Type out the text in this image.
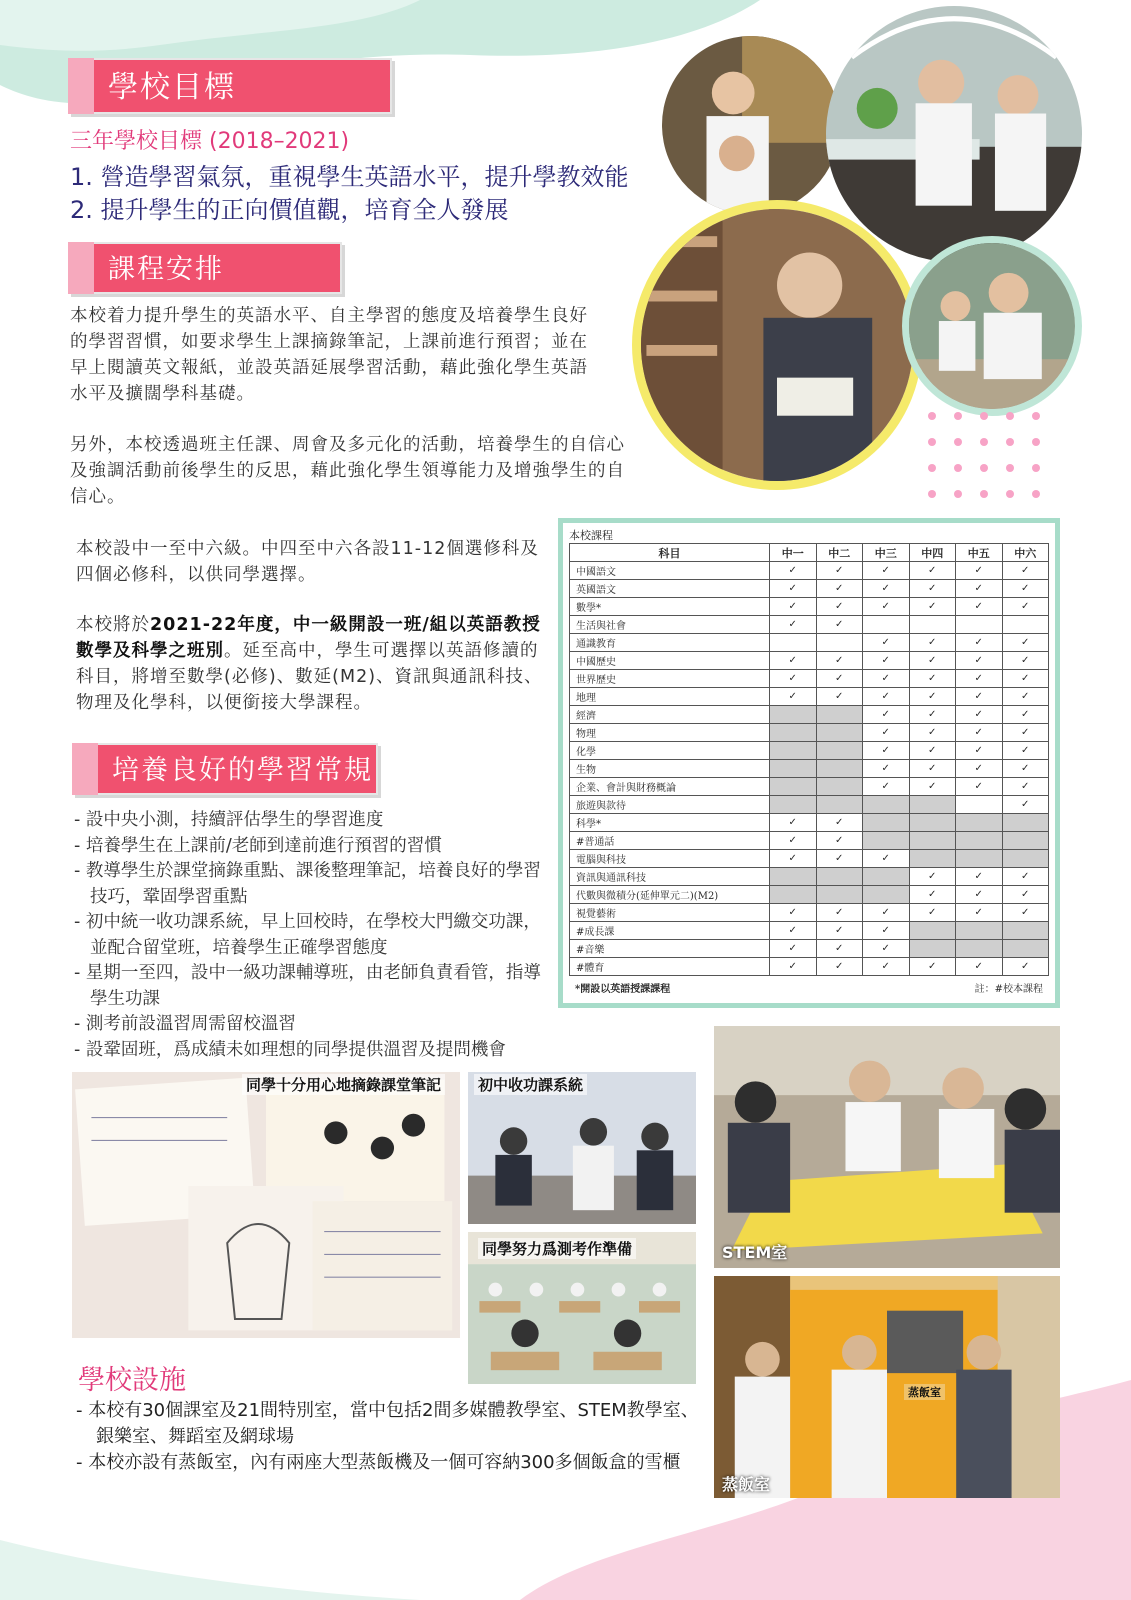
學校目標
三年學校目標 (2018–2021)
1. 營造學習氣氛，重視學生英語水平，提升學教效能
2. 提升學生的正向價值觀，培育全人發展
課程安排
本校着力提升學生的英語水平、自主學習的態度及培養學生良好的學習習慣，如要求學生上課摘錄筆記，上課前進行預習；並在早上閱讀英文報紙，並設英語延展學習活動，藉此強化學生英語水平及擴闊學科基礎。
另外，本校透過班主任課、周會及多元化的活動，培養學生的自信心及強調活動前後學生的反思，藉此強化學生領導能力及增強學生的自信心。
本校設中一至中六級。中四至中六各設11-12個選修科及四個必修科，以供同學選擇。
本校將於2021-22年度，中一級開設一班/組以英語教授數學及科學之班別。延至高中，學生可選擇以英語修讀的科目，將增至數學(必修)、數延(M2)、資訊與通訊科技、物理及化學科，以便銜接大學課程。
培養良好的學習常規
- 設中央小測，持續評估學生的學習進度
- 培養學生在上課前/老師到達前進行預習的習慣
- 教導學生於課堂摘錄重點、課後整理筆記，培養良好的學習技巧，鞏固學習重點
- 初中統一收功課系統，早上回校時，在學校大門繳交功課，並配合留堂班，培養學生正確學習態度
- 星期一至四，設中一級功課輔導班，由老師負責看管，指導學生功課
- 測考前設溫習周需留校溫習
- 設鞏固班，爲成績未如理想的同學提供溫習及提問機會
本校課程
科目	中一	中二	中三	中四	中五	中六
中國語文	✓	✓	✓	✓	✓	✓
英國語文	✓	✓	✓	✓	✓	✓
數學*	✓	✓	✓	✓	✓	✓
生活與社會	✓	✓				
通識教育			✓	✓	✓	✓
中國歷史	✓	✓	✓	✓	✓	✓
世界歷史	✓	✓	✓	✓	✓	✓
地理	✓	✓	✓	✓	✓	✓
經濟			✓	✓	✓	✓
物理			✓	✓	✓	✓
化學			✓	✓	✓	✓
生物			✓	✓	✓	✓
企業、會計與財務概論			✓	✓	✓	✓
旅遊與款待						✓
科學*	✓	✓				
#普通話	✓	✓				
電腦與科技	✓	✓	✓			
資訊與通訊科技				✓	✓	✓
代數與微積分(延伸單元二)(M2)				✓	✓	✓
視覺藝術	✓	✓	✓	✓	✓	✓
#成長課	✓	✓	✓			
#音樂	✓	✓	✓			
#體育	✓	✓	✓	✓	✓	✓
*開設以英語授課課程	註：#校本課程
同學十分用心地摘錄課堂筆記 初中收功課系統
同學努力爲測考作準備	STEM室
蒸飯室
蒸飯室
學校設施
- 本校有30個課室及21間特別室，當中包括2間多媒體教學室、STEM教學室、銀樂室、舞蹈室及網球場
- 本校亦設有蒸飯室，內有兩座大型蒸飯機及一個可容納300多個飯盒的雪櫃
